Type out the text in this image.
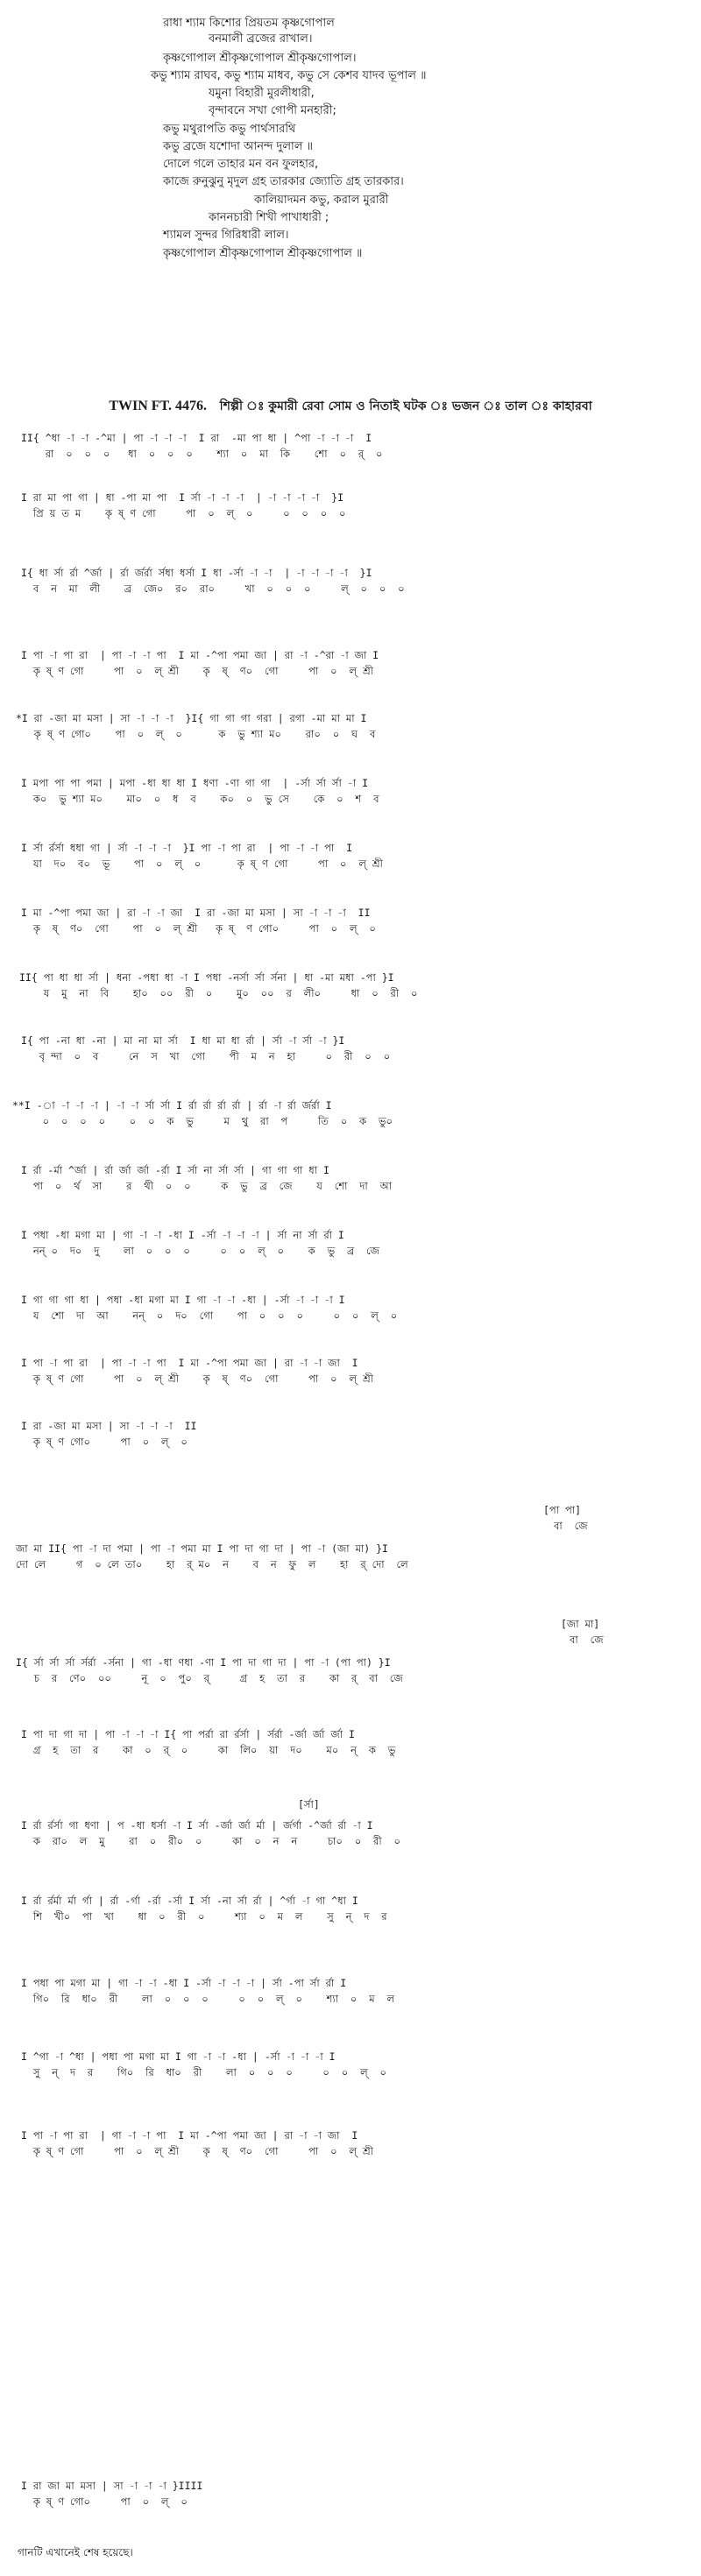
রাধা শ্যাম কিশোর প্রিয়তম কৃষ্ণগোপাল
বনমালী ব্রজের রাখাল।
কৃষ্ণগোপাল শ্রীকৃষ্ণগোপাল শ্রীকৃষ্ণগোপাল।
কভু শ্যাম রাঘব, কভু শ্যাম মাধব, কভু সে কেশব যাদব ভূপাল ॥
যমুনা বিহারী মুরলীধারী,
বৃন্দাবনে সখা গোপী মনহারী;
কভু মথুরাপতি কভু পার্থসারথি
কভু ব্রজে যশোদা আনন্দ দুলাল ॥
দোলে গলে তাহার মন বন ফুলহার,
কাজে রুনুঝুনু মৃদুল গ্রহ তারকার জ্যোতি গ্রহ তারকার।
কালিয়াদমন কভু, করাল মুরারী
কাননচারী শিখী পাখাধারী ;
শ্যামল সুন্দর গিরিধারী লাল।
কৃষ্ণগোপাল শ্রীকৃষ্ণগোপাল শ্রীকৃষ্ণগোপাল ॥
TWIN FT. 4476. শিল্পী ঃ কুমারী রেবা সোম ও নিতাই ঘটক ঃ ভজন ঃ তাল ঃ কাহারবা
II{ ^ধা -া -া -^মা | পা -া -া -া  I রা  -মা পা ধা | ^পা -া -া -া  I
রা  ০  ০  ০   ধা  ০  ০  ০    শ্যা  ০  মা  কি    শো  ০  র্‌  ০
I রা মা পা গা | ধা -পা মা পা  I র্সা -া -া -া  | -া -া -া -া  }I
প্রি য় ত ম    কৃ ষ্‌ ণ গো     পা  ০  ল্‌  ০     ০  ০  ০  ০
I{ ধা র্সা র্রা ^র্জা | র্রা র্জর্রা র্সধা ধর্সা I ধা -র্সা -া -া  | -া -া -া -া  }I
ব  ন  মা  লী    ব্র  জে০  র০  রা০     খা  ০  ০  ০     ল্‌  ০  ০  ০
I পা -া পা রা  | পা -া -া পা  I মা -^পা পমা জা | রা -া -^রা -া জা I
কৃ ষ্‌ ণ গো     পা  ০  ল্‌ শ্রী    কৃ  ষ্‌  ণ০  গো     পা  ০  ল্‌ শ্রী
*I রা -জা মা মসা | সা -া -া -া  }I{ গা গা গা গরা | রগা -মা মা মা I
কৃ ষ্‌ ণ গো০    পা  ০  ল্‌  ০      ক  ভু শ্যা ম০    রা০  ০  ঘ  ব
I মপা পা পা পমা | মপা -ধা ধা ধা I ধণা -ণা গা গা  | -র্সা র্সা র্সা -া I
ক০  ভু শ্যা ম০    মা০  ০  ধ  ব    ক০  ০  ভু সে    কে  ০  শ  ব
I র্সা র্রর্সা ধধা গা | র্সা -া -া -া  }I পা -া পা রা  | পা -া -া পা  I
যা  দ০  ব০  ভূ    পা  ০  ল্‌  ০      কৃ ষ্‌ ণ গো     পা  ০  ল্‌ শ্রী
I মা -^পা পমা জা | রা -া -া জা  I রা -জা মা মসা | সা -া -া -া  II
কৃ  ষ্‌  ণ০  গো    পা  ০  ল্‌ শ্রী   কৃ ষ্‌  ণ গো০     পা  ০  ল্‌  ০
II{ পা ধা ধা র্সা | ধনা -পধা ধা -া I পধা -নর্সা র্সা র্সনা | ধা -মা মধা -পা }I
য  মু  না  বি    হা০  ০০  রী  ০    মু০  ০০  র  লী০     ধা  ০  রী  ০
I{ পা -না ধা -না | মা না মা র্সা  I ধা মা ধা র্রা | র্সা -া র্সা -া }I
বৃ ন্দা  ০  ব     নে  স  খা  গো    পী  ম  ন  হা     ০  রী  ০  ০
**I -া -া -া -া | -া -া র্সা র্সা I র্রা র্রা র্রা র্রা | র্রা -া র্রা র্জর্রা I
০  ০  ০  ০    ০  ০  ক  ভু     ম  থু  রা  প     তি  ০  ক  ভু০
I র্রা -র্মা ^র্জা | র্রা র্জা র্জা -র্রা I র্সা না র্সা র্সা | গা গা গা ধা I
পা  ০  র্থ  সা    র  থী  ০  ০     ক  ভু  ব্র  জে    য  শো  দা  আ
I পধা -ধা মগা মা | গা -া -া -ধা I -র্সা -া -া -া | র্সা না র্সা র্রা I
নন্‌ ০  দ০  দু    লা  ০  ০  ০     ০  ০  ল্‌  ০    ক  ভু  ব্র  জে
I গা গা গা ধা | পধা -ধা মগা মা I গা -া -া -ধা | -র্সা -া -া -া I
য  শো  দা  আ    নন্‌  ০  দ০  গো    পা  ০  ০  ০     ০  ০  ল্‌  ০
I পা -া পা রা  | পা -া -া পা  I মা -^পা পমা জা | রা -া -া জা  I
কৃ ষ্‌ ণ গো     পা  ০  ল্‌ শ্রী    কৃ  ষ্‌  ণ০  গো     পা  ০  ল্‌ শ্রী
I রা -জা মা মসা | সা -া -া -া  II
কৃ ষ্‌ ণ গো০     পা  ০  ল্‌  ০
[পা পা]
বা  জে
জা মা II{ পা -া দা পমা | পা -া পমা মা I পা দা গা দা | পা -া (জা মা) }I
দো লে     গ  ০ লে তা০    হা  র্‌ ম০  ন    ব  ন  ফু  ল    হা  র্‌ দো  লে
[জা মা]
বা  জে
I{ র্সা র্সা র্সা র্সর্রা -র্সনা | গা -ধা ণধা -ণা I পা দা গা দা | পা -া (পা পা) }I
চ  র  ণে০  ০০     নূ  ০  পু০  র্‌     গ্র  হ  তা  র    কা  র্‌  বা  জে
I পা দা গা দা | পা -া -া -া I{ পা পর্রা রা র্রর্সা | র্সর্রা -র্জা র্জা র্জা I
গ্র  হ  তা  র    কা  ০  র্‌  ০     কা  লি০  য়া  দ০    ম০  ন্‌  ক  ভু
[র্সা]
I র্রা র্রর্সা গা ধণা | প -ধা ধর্সা -া I র্সা -র্জা র্জা র্মা | র্জর্গা -^র্জা র্রা -া I
ক  রা০  ল  মু    রা  ০  রী০  ০     কা  ০  ন  ন     চা০  ০  রী  ০
I র্রা র্রর্মা র্মা র্গা | র্রা -র্গা -র্রা -র্সা I র্সা -না র্সা র্রা | ^র্গা -া গা ^ধা I
শি  খী০  পা  খা    ধা  ০  রী  ০     শ্যা  ০  ম  ল    সু  ন্‌  দ  র
I পধা পা মগা মা | গা -া -া -ধা I -র্সা -া -া -া | র্সা -পা র্সা র্রা I
গি০  রি  ধা০  রী    লা  ০  ০  ০     ০  ০  ল্‌  ০    শ্যা  ০  ম  ল
I ^গা -া ^ধা | পধা পা মগা মা I গা -া -া -ধা | -র্সা -া -া -া I
সু  ন্‌  দ  র    গি০  রি  ধা০  রী    লা  ০  ০  ০     ০  ০  ল্‌  ০
I পা -া পা রা  | গা -া -া পা  I মা -^পা পমা জা | রা -া -া জা  I
কৃ ষ্‌ ণ গো     পা  ০  ল্‌ শ্রী    কৃ  ষ্‌  ণ০  গো     পা  ০  ল্‌ শ্রী
I রা জা মা মসা | সা -া -া -া }IIII
কৃ ষ্‌ ণ গো০     পা  ০  ল্‌  ০
গানটি এখানেই শেষ হয়েছে।
